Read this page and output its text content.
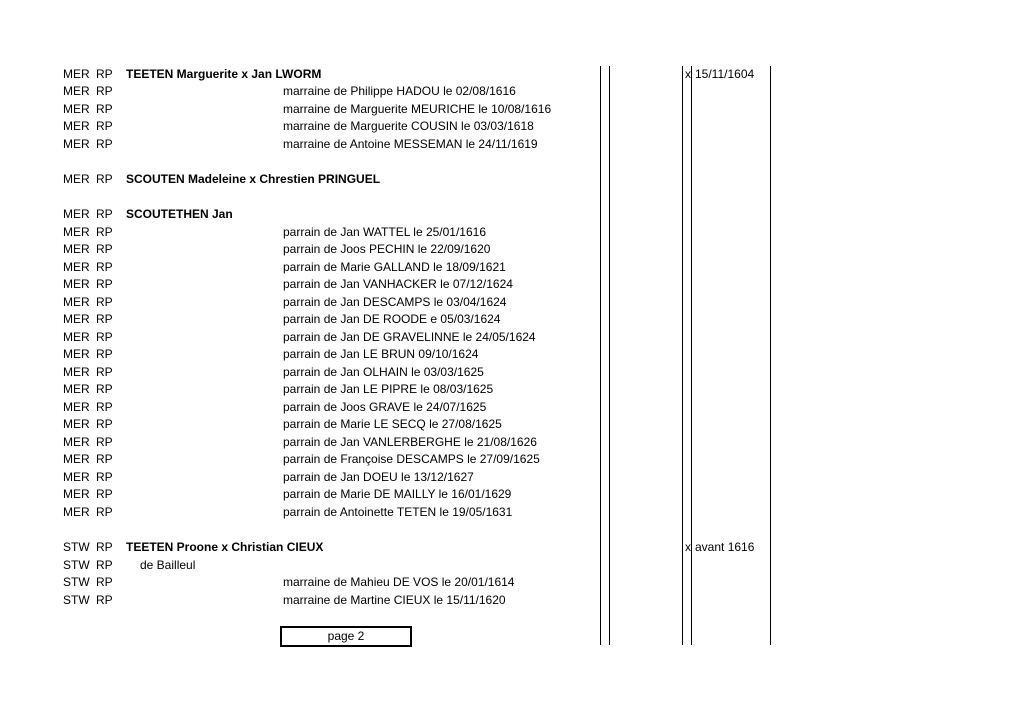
MER RP TEETEN Marguerite x Jan LWORM	x 15/11/1604
MER RP	marraine de Philippe HADOU le 02/08/1616
MER RP	marraine de Marguerite MEURICHE le 10/08/1616
MER RP	marraine de Marguerite COUSIN le 03/03/1618
MER RP	marraine de Antoine MESSEMAN le 24/11/1619
MER RP SCOUTEN Madeleine x Chrestien PRINGUEL
MER RP SCOUTETHEN Jan
MER RP	parrain de Jan WATTEL le 25/01/1616
MER RP	parrain de Joos PECHIN le 22/09/1620
MER RP	parrain de Marie GALLAND le 18/09/1621
MER RP	parrain de Jan VANHACKER le 07/12/1624
MER RP	parrain de Jan DESCAMPS le 03/04/1624
MER RP	parrain de Jan DE ROODE e 05/03/1624
MER RP	parrain de Jan DE GRAVELINNE le 24/05/1624
MER RP	parrain de Jan LE BRUN 09/10/1624
MER RP	parrain de Jan OLHAIN le 03/03/1625
MER RP	parrain de Jan LE PIPRE le 08/03/1625
MER RP	parrain de Joos GRAVE le 24/07/1625
MER RP	parrain de Marie LE SECQ le 27/08/1625
MER RP	parrain de Jan VANLERBERGHE le 21/08/1626
MER RP	parrain de Françoise DESCAMPS le 27/09/1625
MER RP	parrain de Jan DOEU le 13/12/1627
MER RP	parrain de Marie DE MAILLY le 16/01/1629
MER RP	parrain de Antoinette TETEN le 19/05/1631
STW RP TEETEN Proone x Christian CIEUX	x avant 1616
STW RP de Bailleul
STW RP	marraine de Mahieu DE VOS le 20/01/1614
STW RP	marraine de Martine CIEUX le 15/11/1620
page 2
